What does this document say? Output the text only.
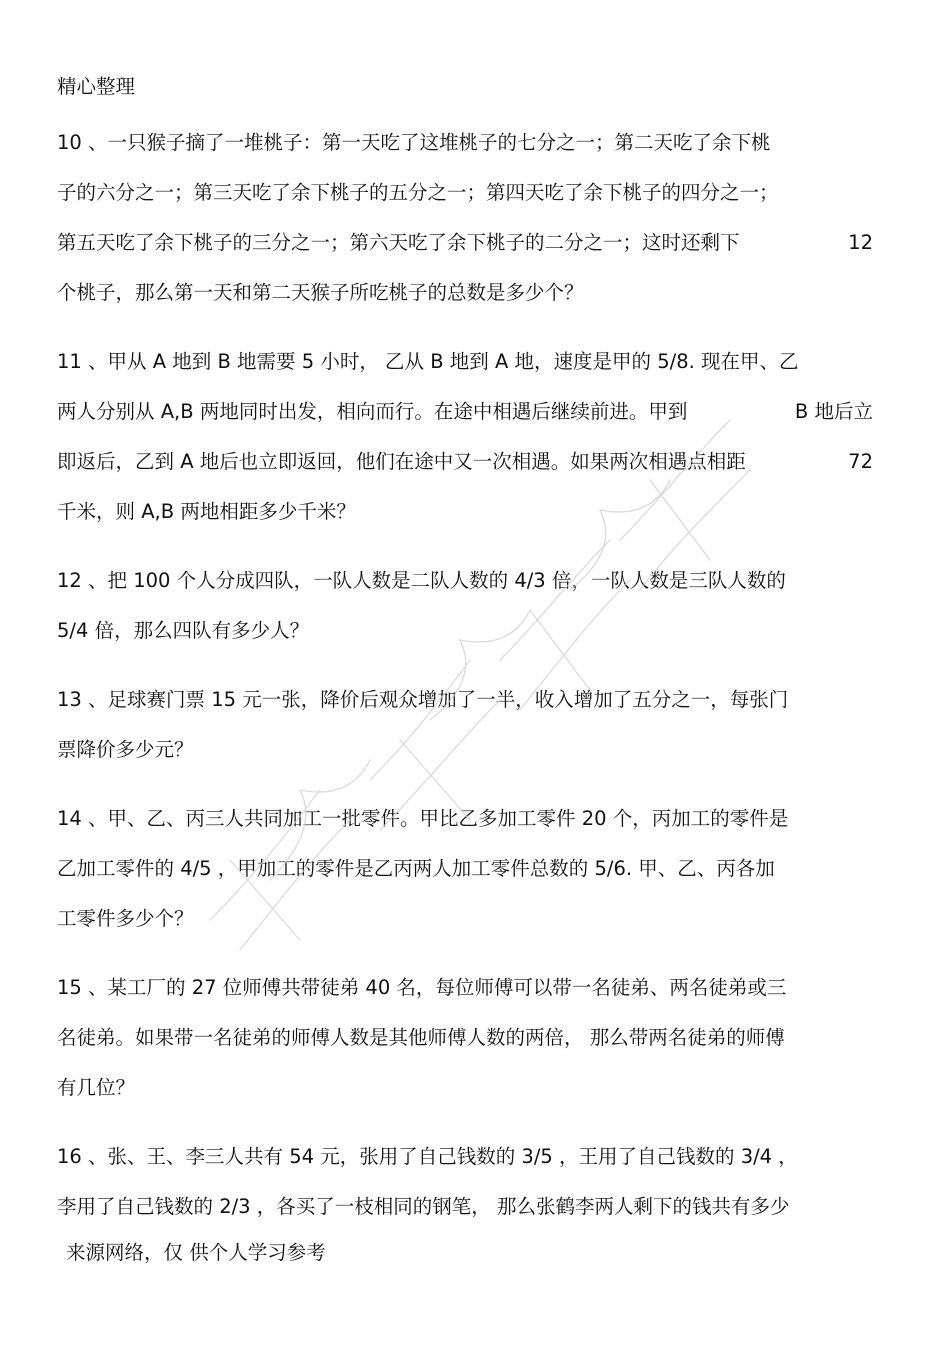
精心整理
10 、一只猴子摘了一堆桃子：第一天吃了这堆桃子的七分之一；第二天吃了余下桃
子的六分之一；第三天吃了余下桃子的五分之一；第四天吃了余下桃子的四分之一；
第五天吃了余下桃子的三分之一；第六天吃了余下桃子的二分之一；这时还剩下	12
个桃子，那么第一天和第二天猴子所吃桃子的总数是多少个？
11 、甲从 A 地到 B 地需要 5 小时， 乙从 B 地到 A 地，速度是甲的 5/8. 现在甲、乙
两人分别从 A,B 两地同时出发，相向而行。在途中相遇后继续前进。甲到	B 地后立
即返后，乙到 A 地后也立即返回，他们在途中又一次相遇。如果两次相遇点相距	72
千米，则 A,B 两地相距多少千米？
12 、把 100 个人分成四队，一队人数是二队人数的 4/3 倍，一队人数是三队人数的
5/4 倍，那么四队有多少人？
13 、足球赛门票 15 元一张，降价后观众增加了一半，收入增加了五分之一，每张门
票降价多少元？
14 、甲、乙、丙三人共同加工一批零件。甲比乙多加工零件 20 个，丙加工的零件是
乙加工零件的 4/5 ，甲加工的零件是乙丙两人加工零件总数的 5/6. 甲、乙、丙各加
工零件多少个？
15 、某工厂的 27 位师傅共带徒弟 40 名，每位师傅可以带一名徒弟、两名徒弟或三
名徒弟。如果带一名徒弟的师傅人数是其他师傅人数的两倍， 那么带两名徒弟的师傅
有几位？
16 、张、王、李三人共有 54 元，张用了自己钱数的 3/5 ，王用了自己钱数的 3/4 ，
李用了自己钱数的 2/3 ，各买了一枝相同的钢笔， 那么张鹤李两人剩下的钱共有多少
来源网络，仅 供个人学习参考
